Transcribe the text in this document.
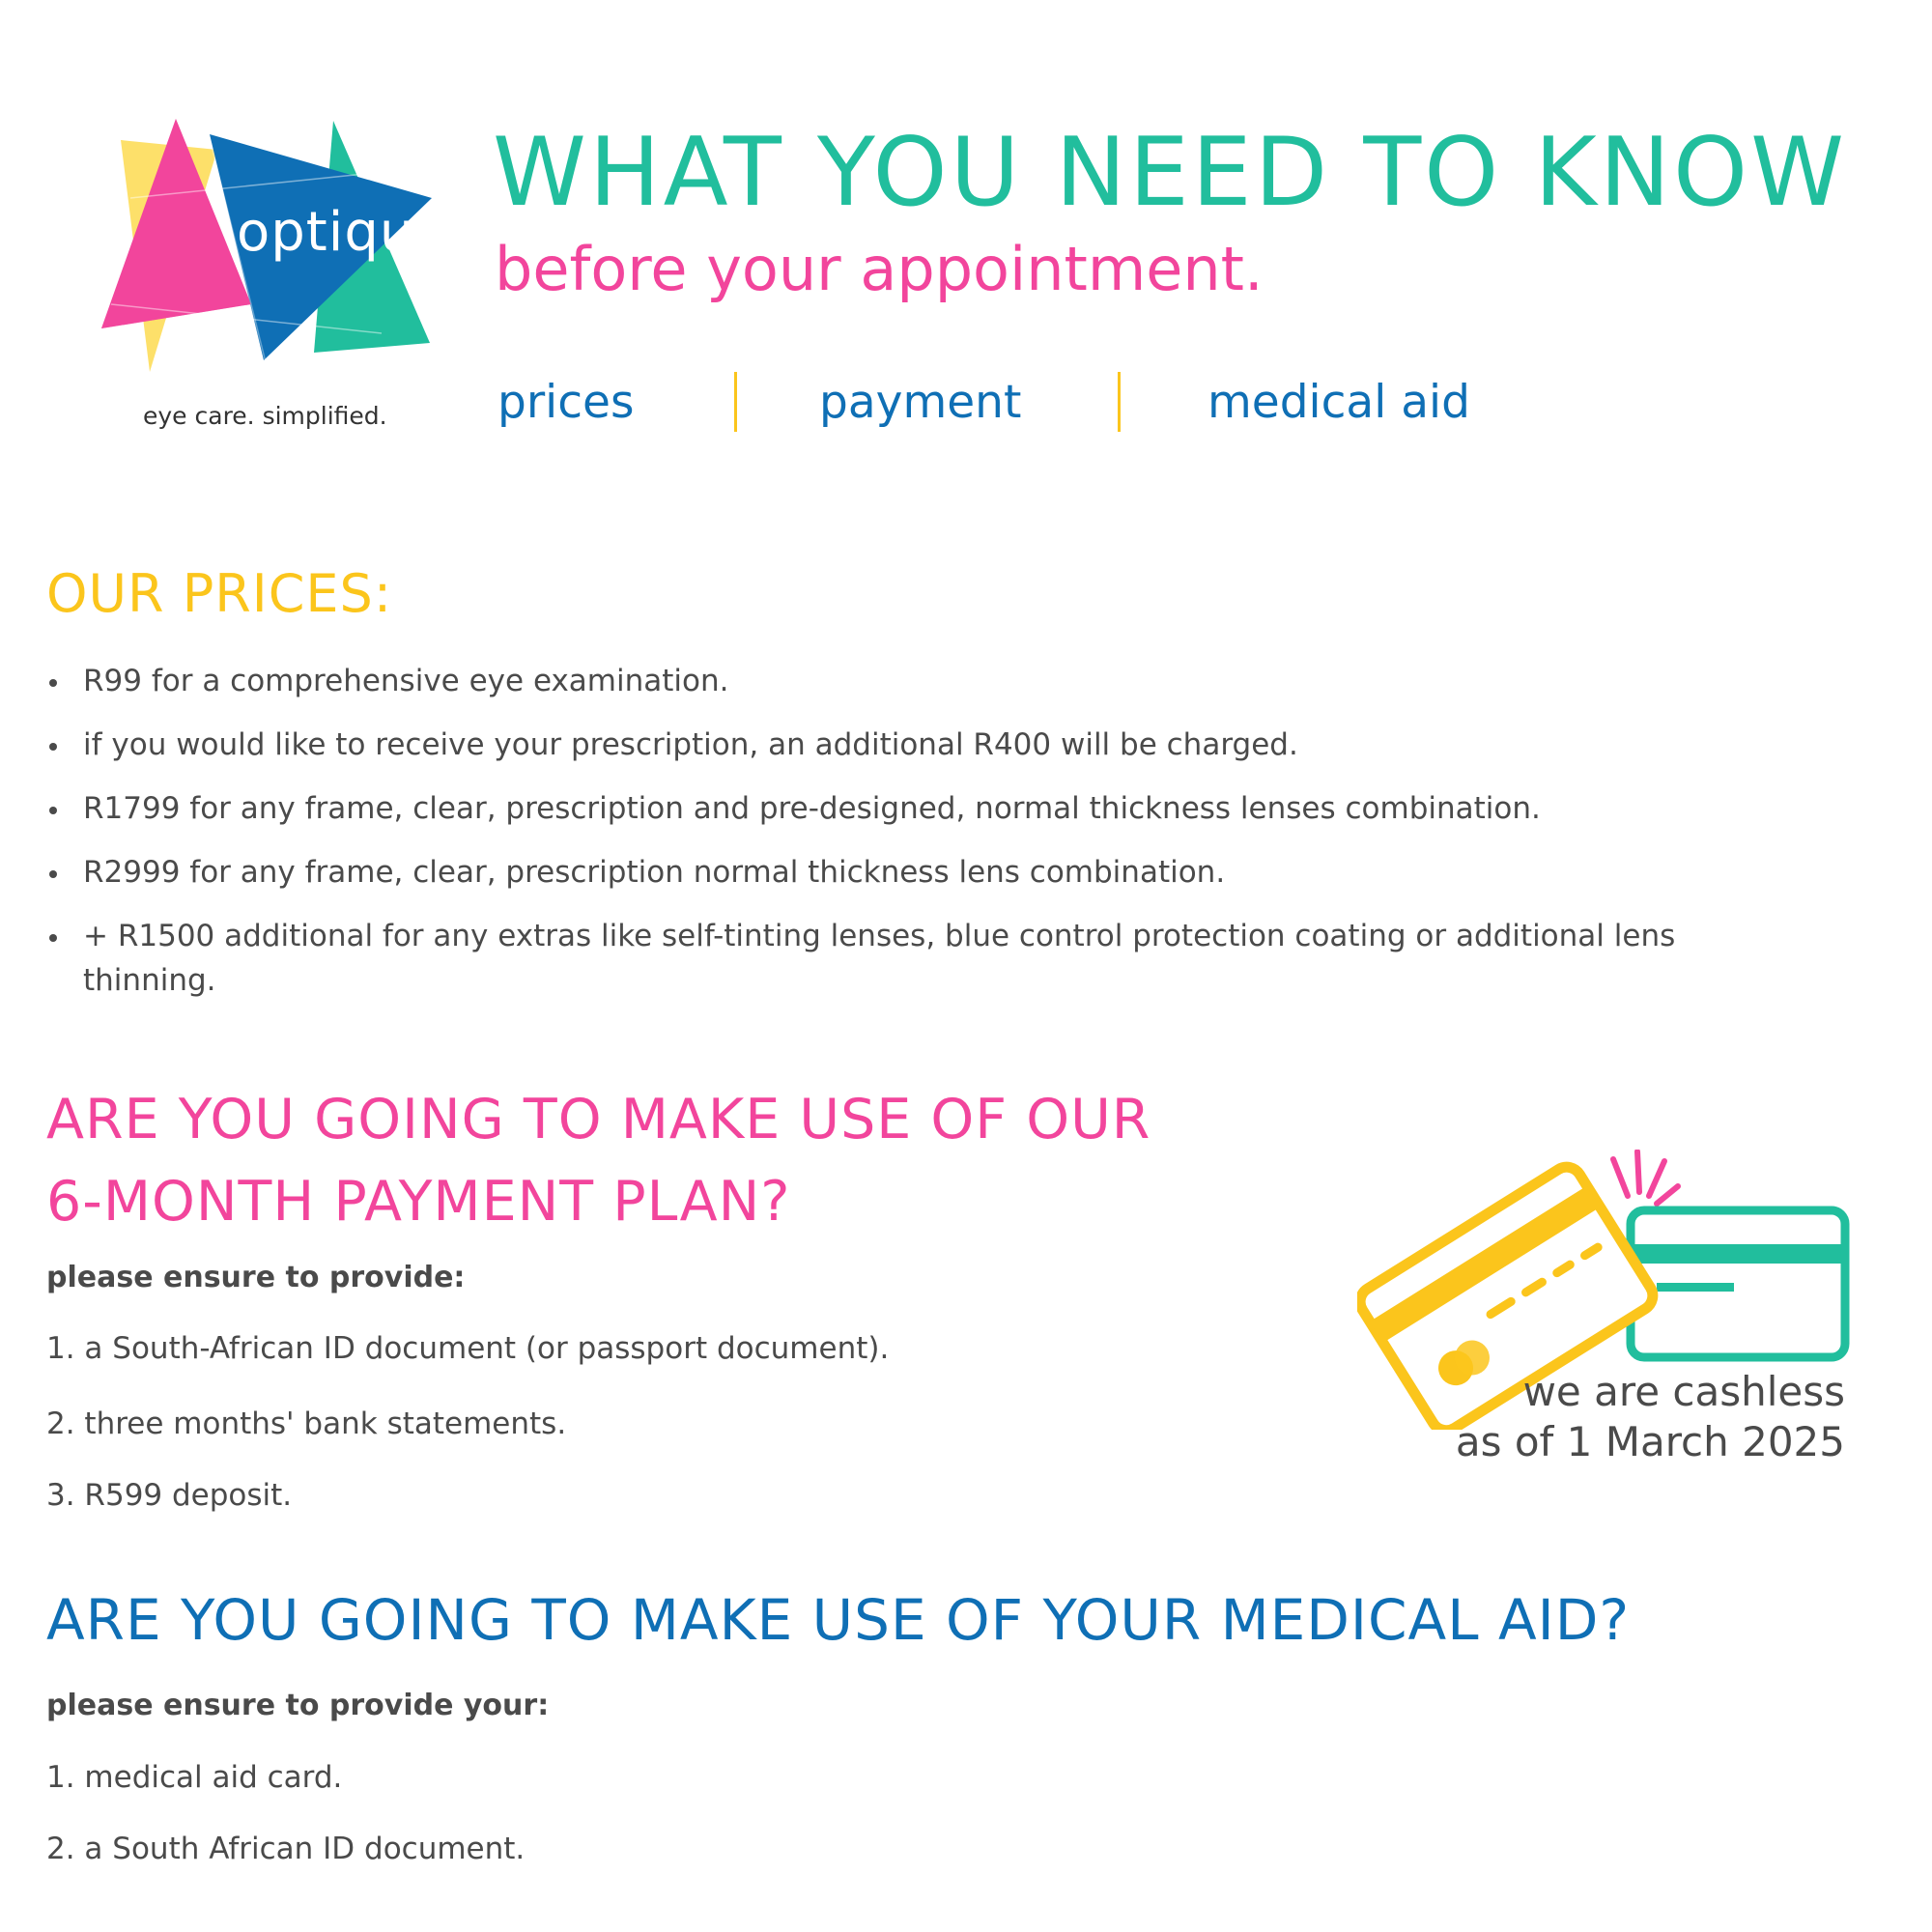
optique®
eye care. simplified.
WHAT YOU NEED TO KNOW
before your appointment.
prices	payment	medical aid
OUR PRICES:
R99 for a comprehensive eye examination.
if you would like to receive your prescription, an additional R400 will be charged.
R1799 for any frame, clear, prescription and pre-designed, normal thickness lenses combination.
R2999 for any frame, clear, prescription normal thickness lens combination.
+ R1500 additional for any extras like self-tinting lenses, blue control protection coating or additional lens thinning.
ARE YOU GOING TO MAKE USE OF OUR
6-MONTH PAYMENT PLAN?
please ensure to provide:
1. a South-African ID document (or passport document).
2. three months' bank statements.
3. R599 deposit.
we are cashless
as of 1 March 2025
ARE YOU GOING TO MAKE USE OF YOUR MEDICAL AID?
please ensure to provide your:
1. medical aid card.
2. a South African ID document.
